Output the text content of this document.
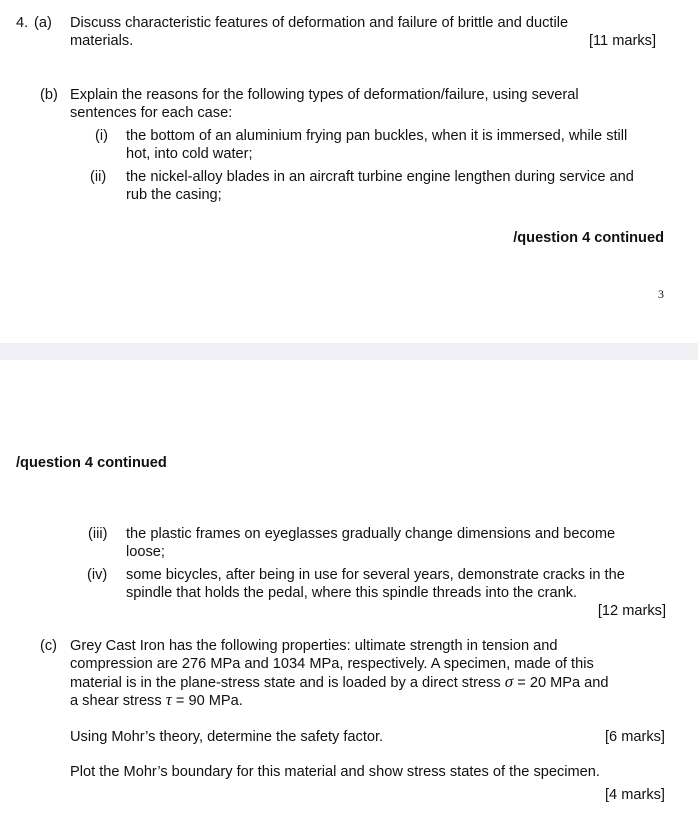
4. (a) Discuss characteristic features of deformation and failure of brittle and ductile
materials.	[11 marks]
(b) Explain the reasons for the following types of deformation/failure, using several
sentences for each case:
(i) the bottom of an aluminium frying pan buckles, when it is immersed, while still
hot, into cold water;
(ii) the nickel-alloy blades in an aircraft turbine engine lengthen during service and
rub the casing;
/question 4 continued
3
/question 4 continued
(iii) the plastic frames on eyeglasses gradually change dimensions and become
loose;
(iv) some bicycles, after being in use for several years, demonstrate cracks in the
spindle that holds the pedal, where this spindle threads into the crank.
[12 marks]
(c) Grey Cast Iron has the following properties: ultimate strength in tension and
compression are 276 MPa and 1034 MPa, respectively. A specimen, made of this
material is in the plane-stress state and is loaded by a direct stress σ = 20 MPa and
a shear stress τ = 90 MPa.
Using Mohr’s theory, determine the safety factor.	[6 marks]
Plot the Mohr’s boundary for this material and show stress states of the specimen.
[4 marks]
